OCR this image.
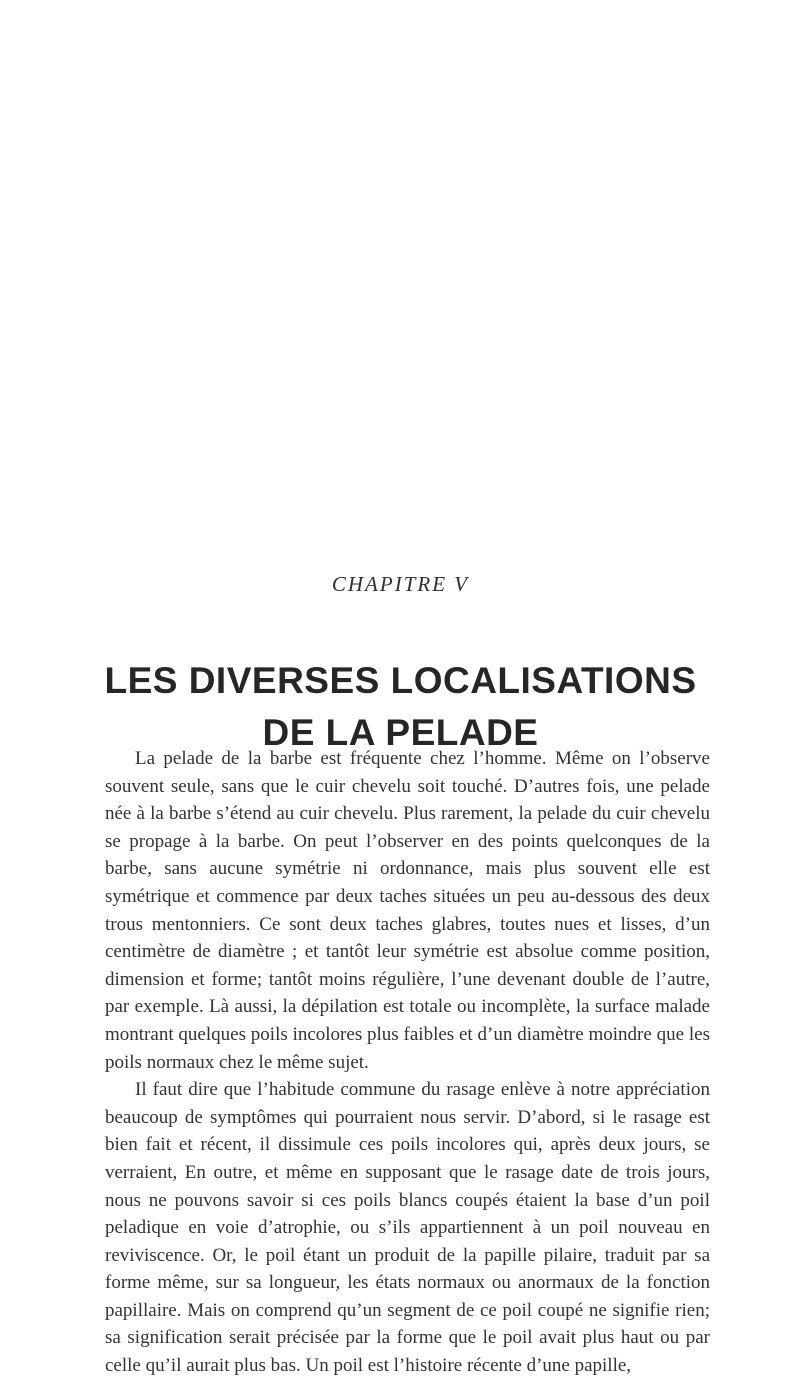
CHAPITRE V
LES DIVERSES LOCALISATIONS
DE LA PELADE

La pelade de la barbe est fréquente chez l’homme. Même on l’observe souvent seule, sans que le cuir chevelu soit touché. D’autres fois, une pelade née à la barbe s’étend au cuir chevelu. Plus rarement, la pelade du cuir chevelu se propage à la barbe. On peut l’observer en des points quelconques de la barbe, sans aucune symétrie ni ordonnance, mais plus souvent elle est symétrique et commence par deux taches situées un peu au-dessous des deux trous mentonniers. Ce sont deux taches glabres, toutes nues et lisses, d’un centimètre de diamètre ; et tantôt leur symétrie est absolue comme position, dimension et forme; tantôt moins régulière, l’une devenant double de l’autre, par exemple. Là aussi, la dépilation est totale ou incomplète, la surface malade montrant quelques poils incolores plus faibles et d’un diamètre moindre que les poils normaux chez le même sujet.

Il faut dire que l’habitude commune du rasage enlève à notre appréciation beaucoup de symptômes qui pourraient nous servir. D’abord, si le rasage est bien fait et récent, il dissimule ces poils incolores qui, après deux jours, se verraient, En outre, et même en supposant que le rasage date de trois jours, nous ne pouvons savoir si ces poils blancs coupés étaient la base d’un poil peladique en voie d’atrophie, ou s’ils appartiennent à un poil nouveau en reviviscence. Or, le poil étant un produit de la papille pilaire, traduit par sa forme même, sur sa longueur, les états normaux ou anormaux de la fonction papillaire. Mais on comprend qu’un segment de ce poil coupé ne signifie rien; sa signification serait précisée par la forme que le poil avait plus haut ou par celle qu’il aurait plus bas. Un poil est l’histoire récente d’une papille,
